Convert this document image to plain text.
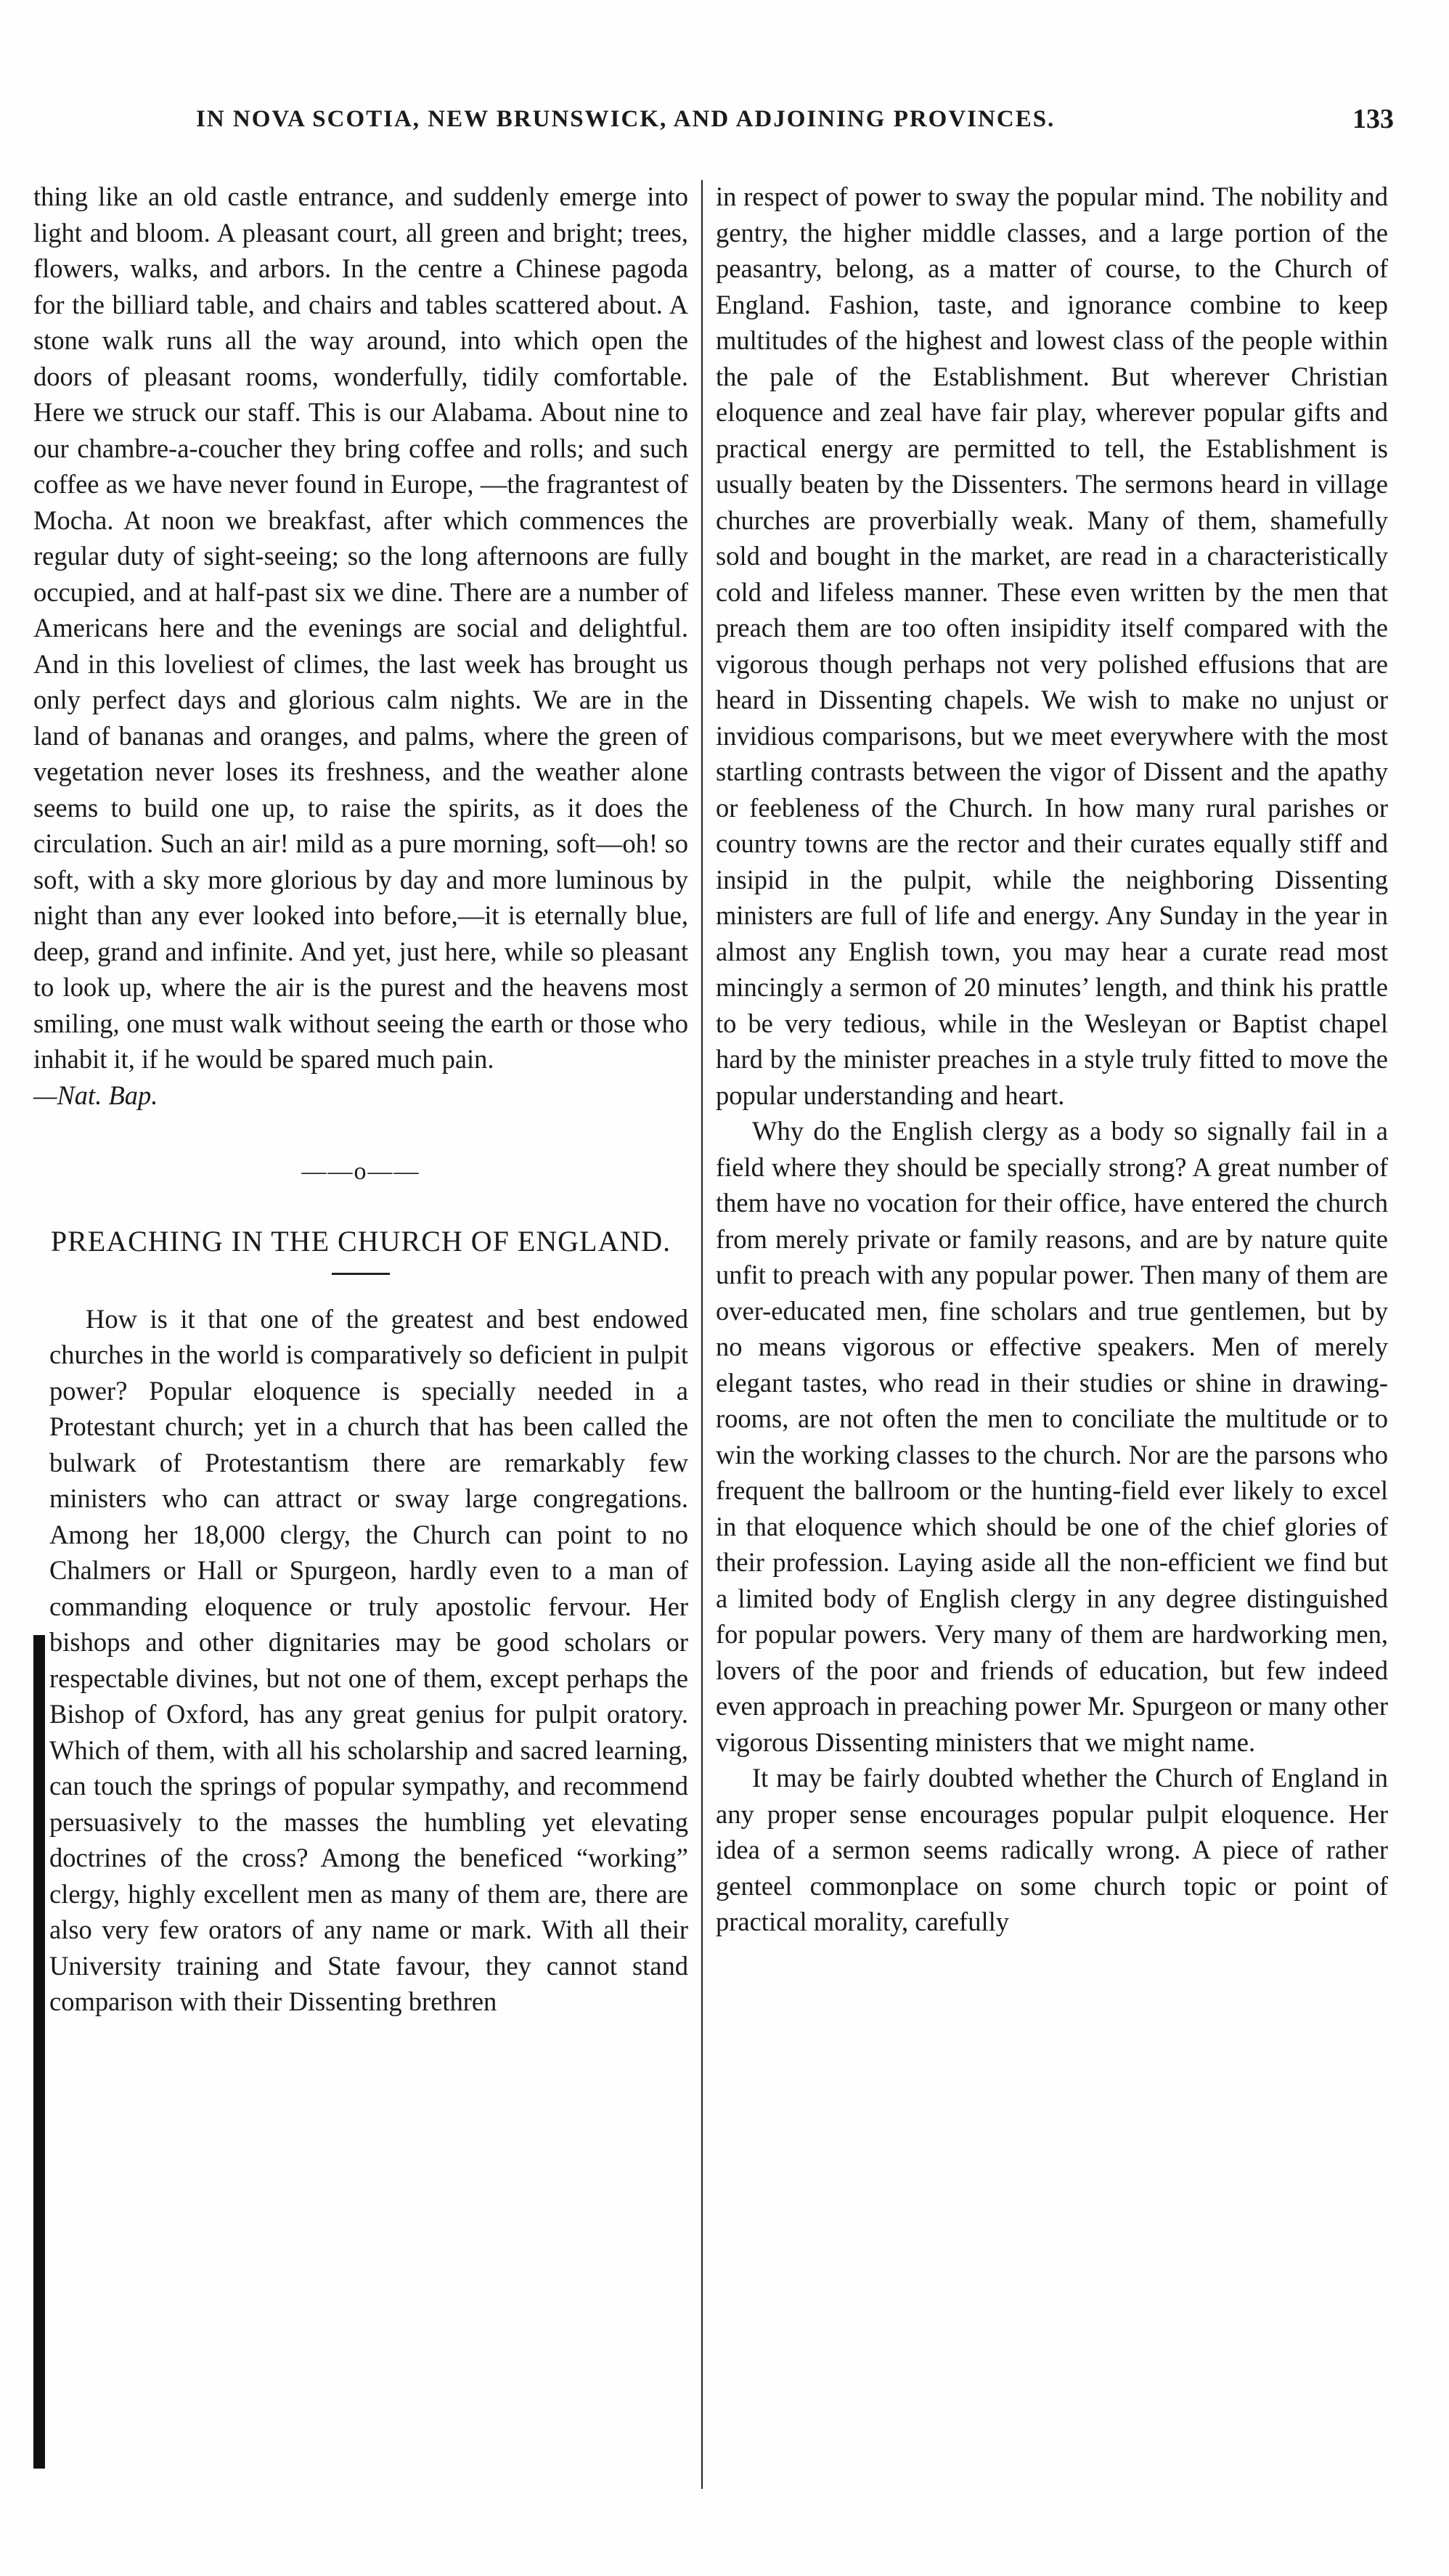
IN NOVA SCOTIA, NEW BRUNSWICK, AND ADJOINING PROVINCES.	133

thing like an old castle entrance, and suddenly emerge into light and bloom. A pleasant court, all green and bright; trees, flowers, walks, and arbors. In the centre a Chinese pagoda for the billiard table, and chairs and tables scattered about. A stone walk runs all the way around, into which open the doors of pleasant rooms, wonderfully, tidily comfortable. Here we struck our staff. This is our Alabama. About nine to our chambre-a-coucher they bring coffee and rolls; and such coffee as we have never found in Europe, —the fragrantest of Mocha. At noon we breakfast, after which commences the regular duty of sight-seeing; so the long afternoons are fully occupied, and at half-past six we dine. There are a number of Americans here and the evenings are social and delightful. And in this loveliest of climes, the last week has brought us only perfect days and glorious calm nights. We are in the land of bananas and oranges, and palms, where the green of vegetation never loses its freshness, and the weather alone seems to build one up, to raise the spirits, as it does the circulation. Such an air! mild as a pure morning, soft—oh! so soft, with a sky more glorious by day and more luminous by night than any ever looked into before,—it is eternally blue, deep, grand and infinite. And yet, just here, while so pleasant to look up, where the air is the purest and the heavens most smiling, one must walk without seeing the earth or those who inhabit it, if he would be spared much pain.

—Nat. Bap.

——o——
PREACHING IN THE CHURCH OF ENGLAND.

How is it that one of the greatest and best endowed churches in the world is comparatively so deficient in pulpit power? Popular eloquence is specially needed in a Protestant church; yet in a church that has been called the bulwark of Protestantism there are remarkably few ministers who can attract or sway large congregations. Among her 18,000 clergy, the Church can point to no Chalmers or Hall or Spurgeon, hardly even to a man of commanding eloquence or truly apostolic fervour. Her bishops and other dignitaries may be good scholars or respectable divines, but not one of them, except perhaps the Bishop of Oxford, has any great genius for pulpit oratory. Which of them, with all his scholarship and sacred learning, can touch the springs of popular sympathy, and recommend persuasively to the masses the humbling yet elevating doctrines of the cross? Among the beneficed “working” clergy, highly excellent men as many of them are, there are also very few orators of any name or mark. With all their University training and State favour, they cannot stand comparison with their Dissenting brethren

in respect of power to sway the popular mind. The nobility and gentry, the higher middle classes, and a large portion of the peasantry, belong, as a matter of course, to the Church of England. Fashion, taste, and ignorance combine to keep multitudes of the highest and lowest class of the people within the pale of the Establishment. But wherever Christian eloquence and zeal have fair play, wherever popular gifts and practical energy are permitted to tell, the Establishment is usually beaten by the Dissenters. The sermons heard in village churches are proverbially weak. Many of them, shamefully sold and bought in the market, are read in a characteristically cold and lifeless manner. These even written by the men that preach them are too often insipidity itself compared with the vigorous though perhaps not very polished effusions that are heard in Dissenting chapels. We wish to make no unjust or invidious comparisons, but we meet everywhere with the most startling contrasts between the vigor of Dissent and the apathy or feebleness of the Church. In how many rural parishes or country towns are the rector and their curates equally stiff and insipid in the pulpit, while the neighboring Dissenting ministers are full of life and energy. Any Sunday in the year in almost any English town, you may hear a curate read most mincingly a sermon of 20 minutes’ length, and think his prattle to be very tedious, while in the Wesleyan or Baptist chapel hard by the minister preaches in a style truly fitted to move the popular understanding and heart.

Why do the English clergy as a body so signally fail in a field where they should be specially strong? A great number of them have no vocation for their office, have entered the church from merely private or family reasons, and are by nature quite unfit to preach with any popular power. Then many of them are over-educated men, fine scholars and true gentlemen, but by no means vigorous or effective speakers. Men of merely elegant tastes, who read in their studies or shine in drawing-rooms, are not often the men to conciliate the multitude or to win the working classes to the church. Nor are the parsons who frequent the ballroom or the hunting-field ever likely to excel in that eloquence which should be one of the chief glories of their profession. Laying aside all the non-efficient we find but a limited body of English clergy in any degree distinguished for popular powers. Very many of them are hardworking men, lovers of the poor and friends of education, but few indeed even approach in preaching power Mr. Spurgeon or many other vigorous Dissenting ministers that we might name.

It may be fairly doubted whether the Church of England in any proper sense encourages popular pulpit eloquence. Her idea of a sermon seems radically wrong. A piece of rather genteel commonplace on some church topic or point of practical morality, carefully
